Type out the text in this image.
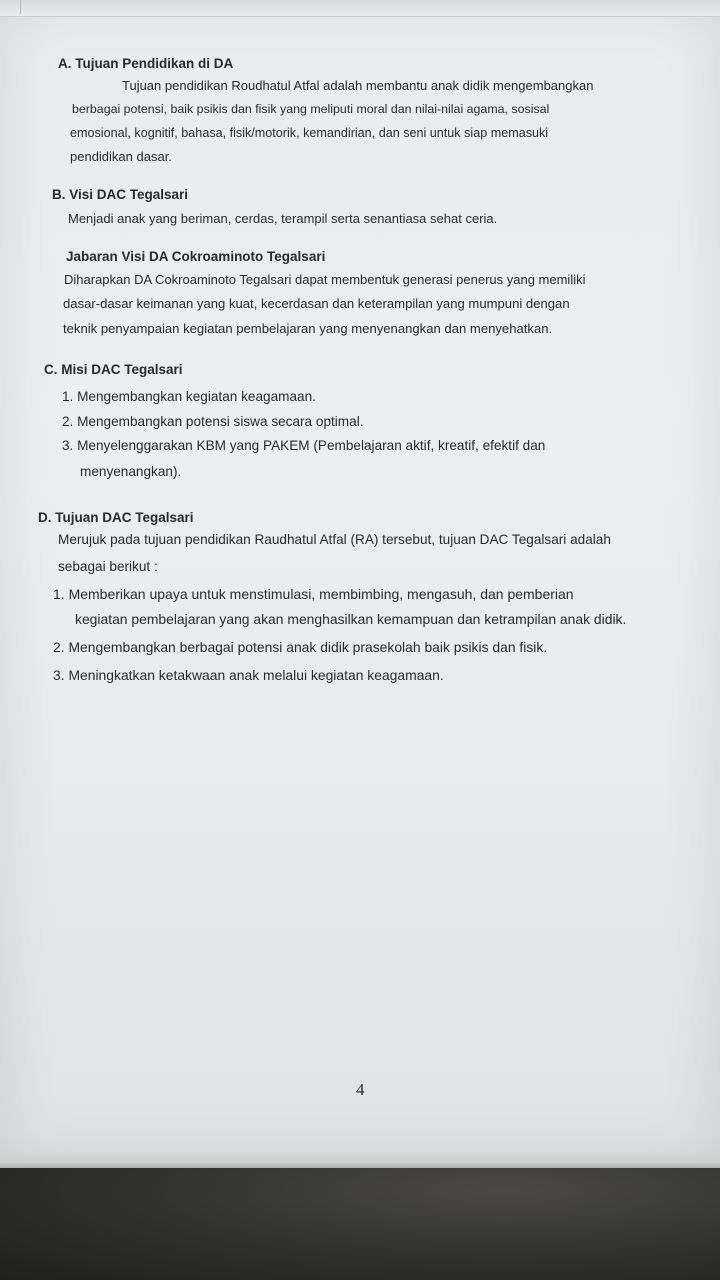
A. Tujuan Pendidikan di DA
Tujuan pendidikan Roudhatul Atfal adalah membantu anak didik mengembangkan
berbagai potensi, baik psikis dan fisik yang meliputi moral dan nilai-nilai agama, sosisal
emosional, kognitif, bahasa, fisik/motorik, kemandirian, dan seni untuk siap memasuki
pendidikan dasar.
B. Visi DAC Tegalsari
Menjadi anak yang beriman, cerdas, terampil serta senantiasa sehat ceria.
Jabaran Visi DA Cokroaminoto Tegalsari
Diharapkan DA Cokroaminoto Tegalsari dapat membentuk generasi penerus yang memiliki
dasar-dasar keimanan yang kuat, kecerdasan dan keterampilan yang mumpuni dengan
teknik penyampaian kegiatan pembelajaran yang menyenangkan dan menyehatkan.
C. Misi DAC Tegalsari
1. Mengembangkan kegiatan keagamaan.
2. Mengembangkan potensi siswa secara optimal.
3. Menyelenggarakan KBM yang PAKEM (Pembelajaran aktif, kreatif, efektif dan
menyenangkan).
D. Tujuan DAC Tegalsari
Merujuk pada tujuan pendidikan Raudhatul Atfal (RA) tersebut, tujuan DAC Tegalsari adalah
sebagai berikut :
1. Memberikan upaya untuk menstimulasi, membimbing, mengasuh, dan pemberian
kegiatan pembelajaran yang akan menghasilkan kemampuan dan ketrampilan anak didik.
2. Mengembangkan berbagai potensi anak didik prasekolah baik psikis dan fisik.
3. Meningkatkan ketakwaan anak melalui kegiatan keagamaan.
4
